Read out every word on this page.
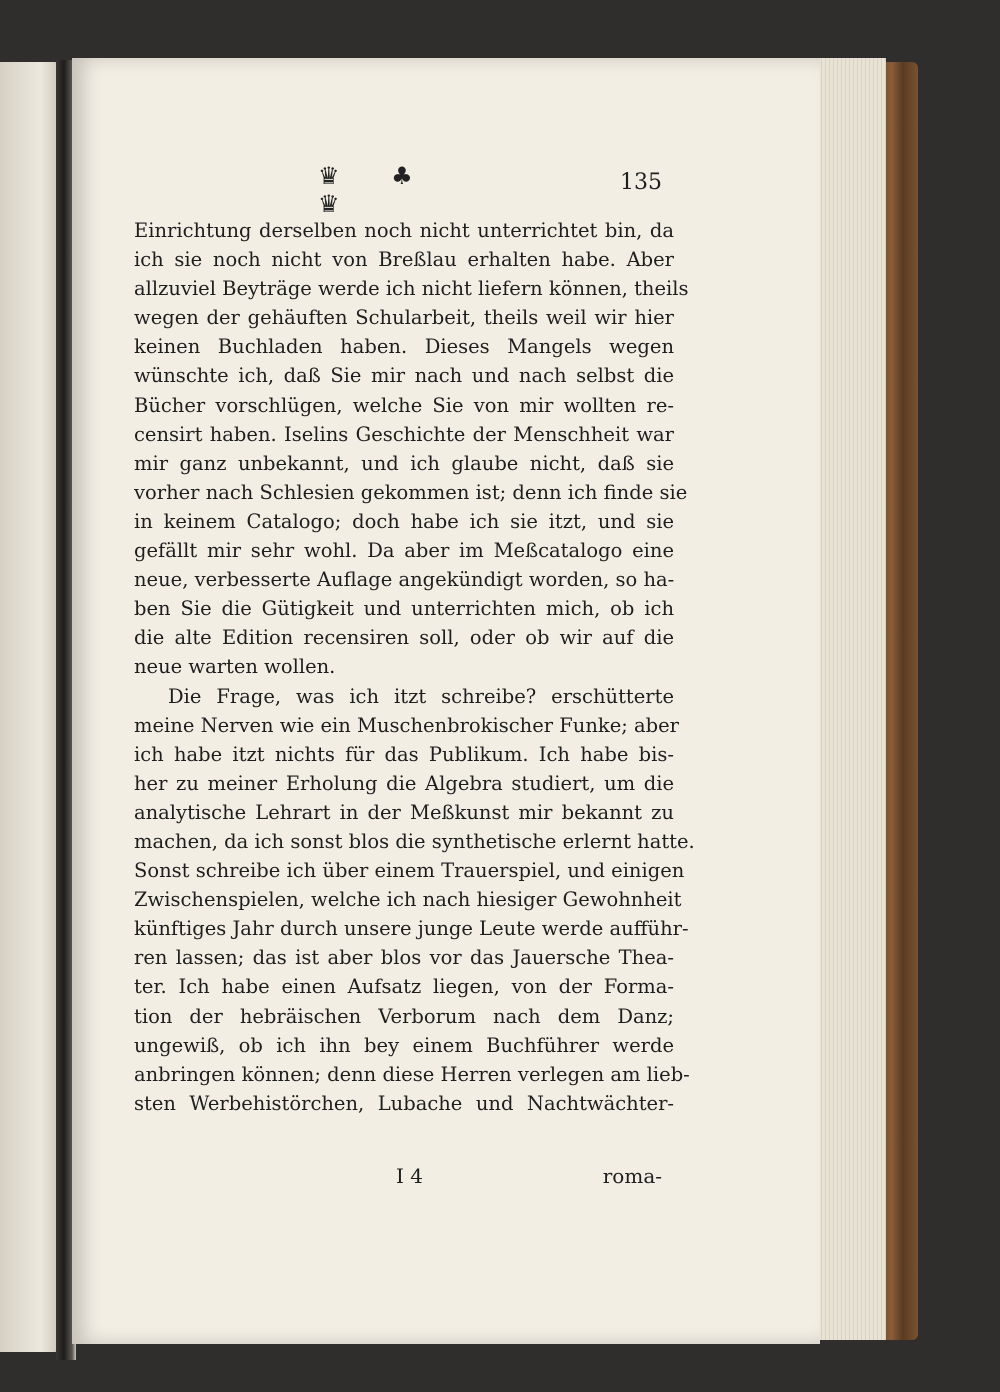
♛ ♣ ♛
135
Einrichtung derselben noch nicht unterrichtet bin, da
ich sie noch nicht von Breßlau erhalten habe. Aber
allzuviel Beyträge werde ich nicht liefern können, theils
wegen der gehäuften Schularbeit, theils weil wir hier
keinen Buchladen haben. Dieses Mangels wegen
wünschte ich, daß Sie mir nach und nach selbst die
Bücher vorschlügen, welche Sie von mir wollten re-
censirt haben. Iselins Geschichte der Menschheit war
mir ganz unbekannt, und ich glaube nicht, daß sie
vorher nach Schlesien gekommen ist; denn ich finde sie
in keinem Catalogo; doch habe ich sie itzt, und sie
gefällt mir sehr wohl. Da aber im Meßcatalogo eine
neue, verbesserte Auflage angekündigt worden, so ha-
ben Sie die Gütigkeit und unterrichten mich, ob ich
die alte Edition recensiren soll, oder ob wir auf die
neue warten wollen.
Die Frage, was ich itzt schreibe? erschütterte
meine Nerven wie ein Muschenbrokischer Funke; aber
ich habe itzt nichts für das Publikum. Ich habe bis-
her zu meiner Erholung die Algebra studiert, um die
analytische Lehrart in der Meßkunst mir bekannt zu
machen, da ich sonst blos die synthetische erlernt hatte.
Sonst schreibe ich über einem Trauerspiel, und einigen
Zwischenspielen, welche ich nach hiesiger Gewohnheit
künftiges Jahr durch unsere junge Leute werde aufführ-
ren lassen; das ist aber blos vor das Jauersche Thea-
ter. Ich habe einen Aufsatz liegen, von der Forma-
tion der hebräischen Verborum nach dem Danz;
ungewiß, ob ich ihn bey einem Buchführer werde
anbringen können; denn diese Herren verlegen am lieb-
sten Werbehistörchen, Lubache und Nachtwächter-
I 4	roma-
